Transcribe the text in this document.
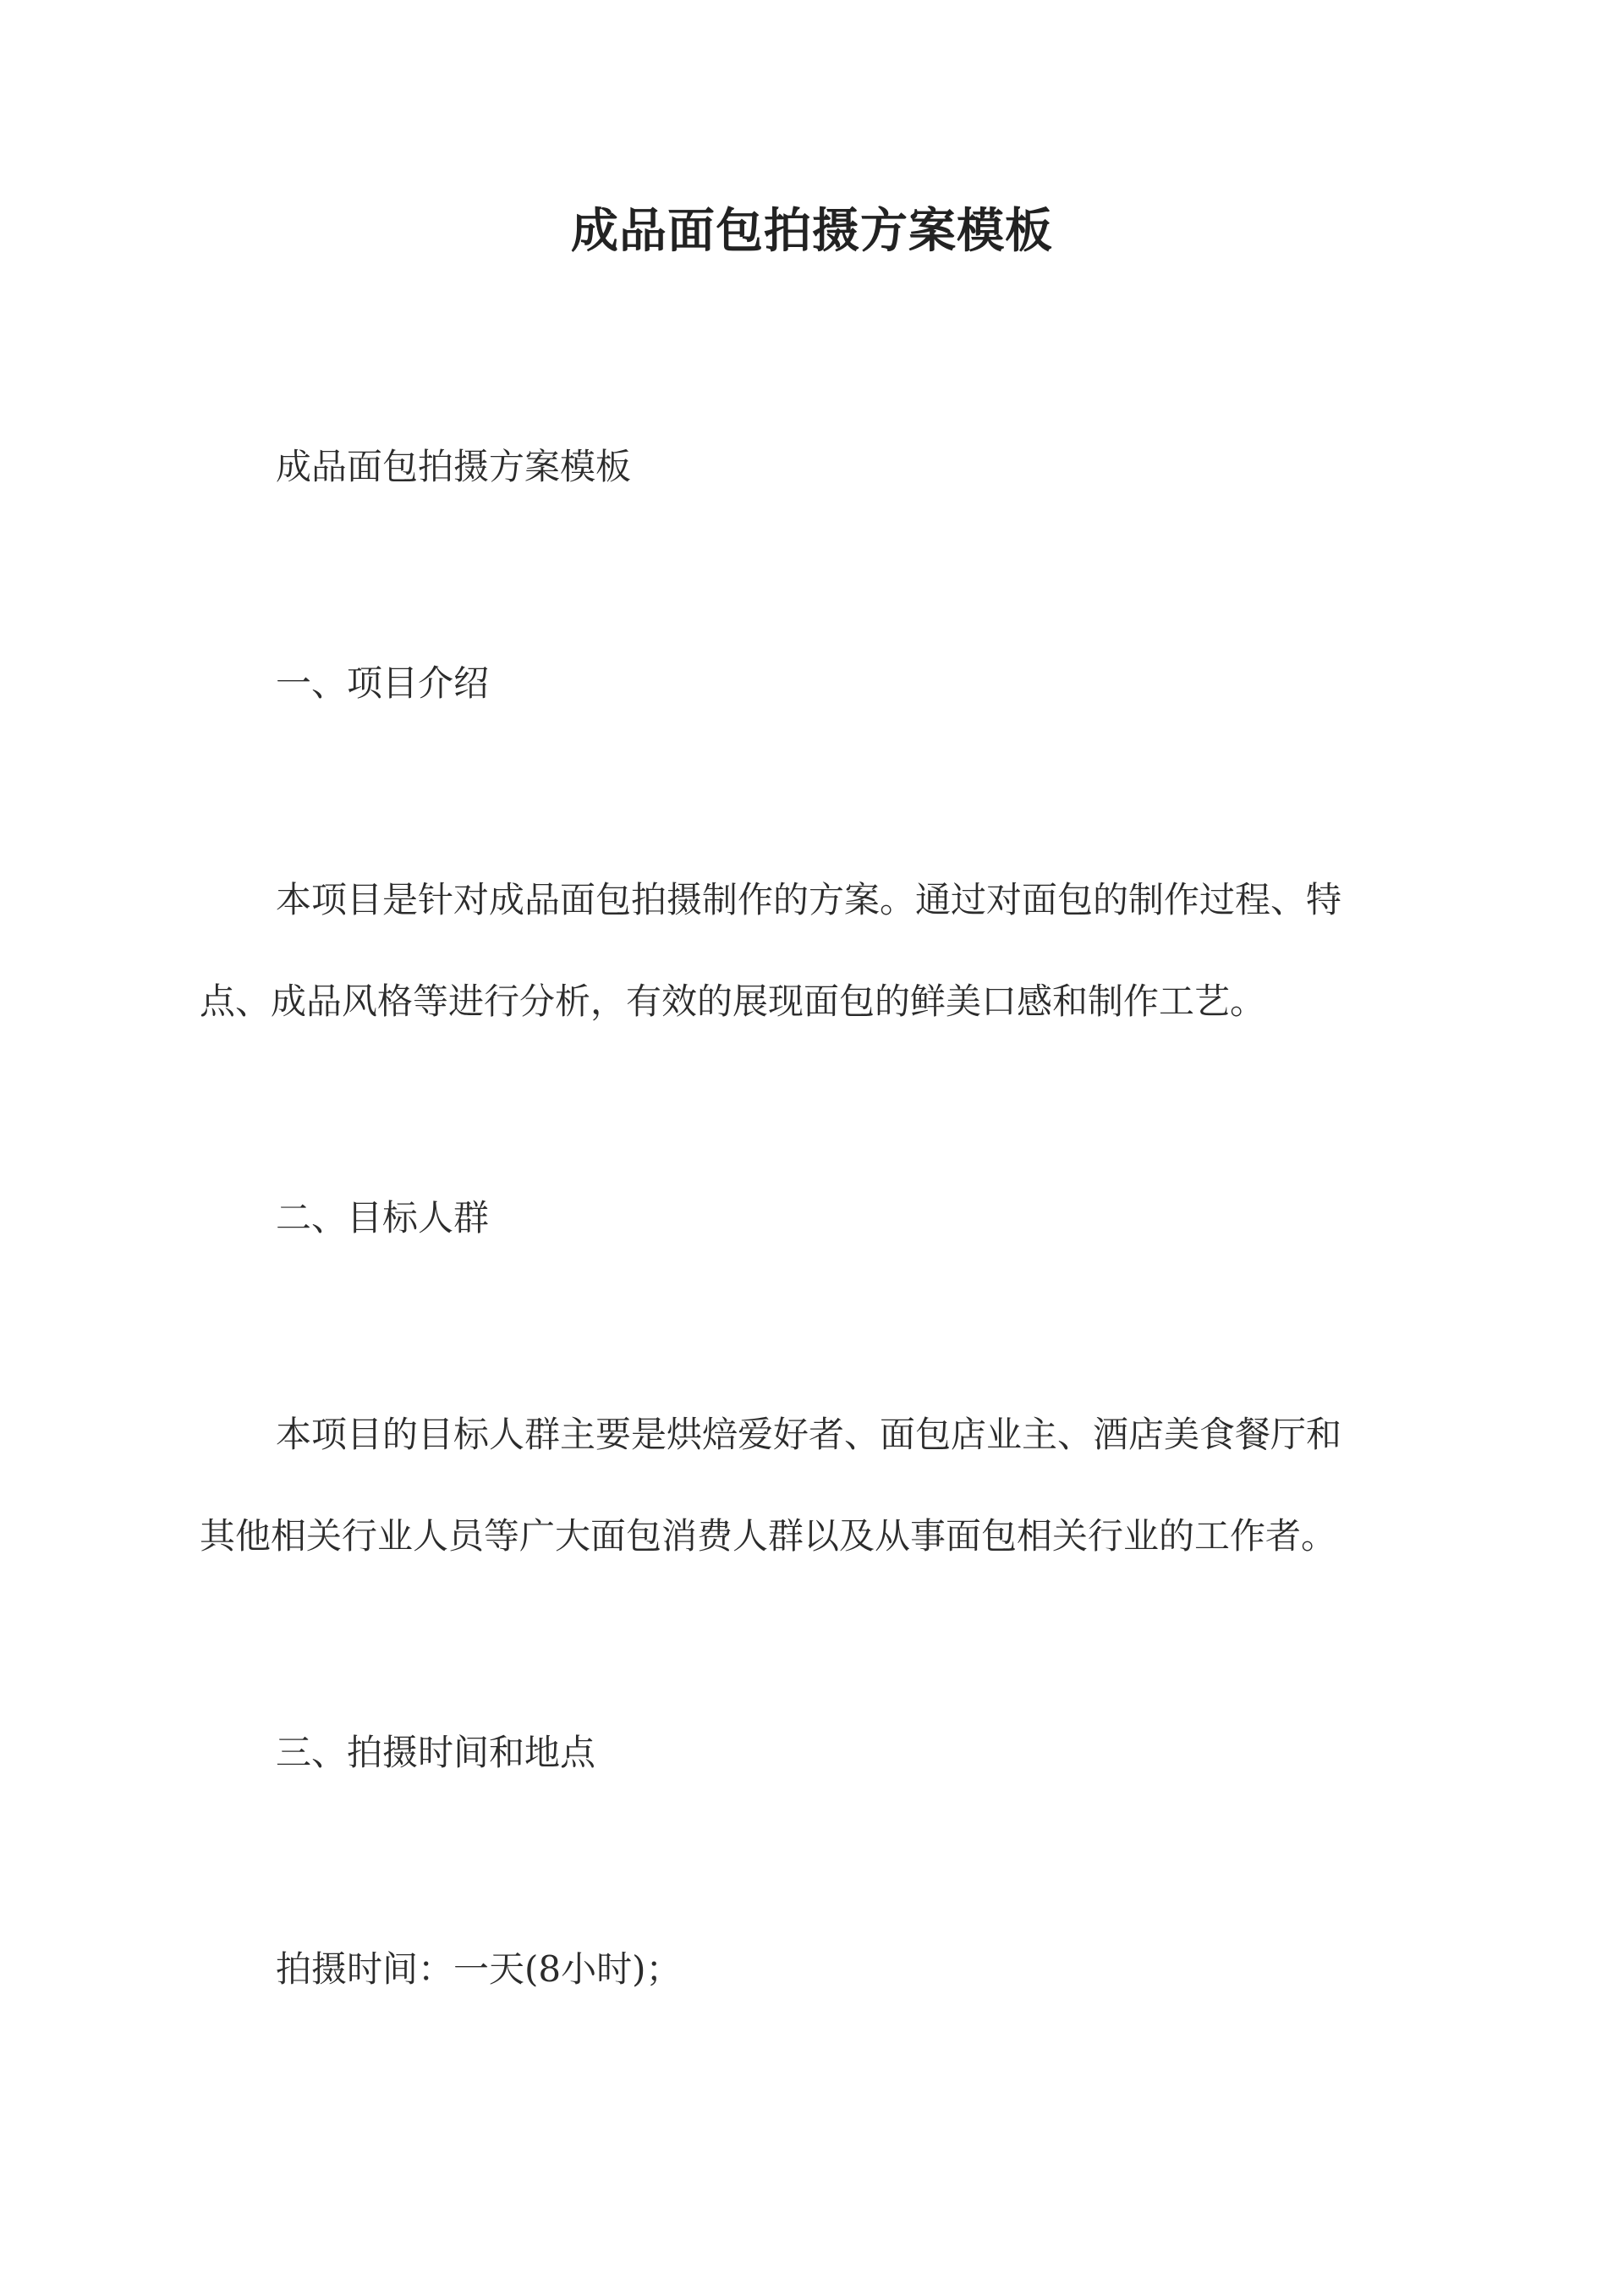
成品面包拍摄方案模板
成品面包拍摄方案模板
一、项目介绍
本项目是针对成品面包拍摄制作的方案。通过对面包的制作过程、特
点、成品风格等进行分析，有效的展现面包的鲜美口感和制作工艺。
二、目标人群
本项目的目标人群主要是烘焙爱好者、面包店业主、酒店美食餐厅和
其他相关行业人员等广大面包消费人群以及从事面包相关行业的工作者。
三、拍摄时间和地点
拍摄时间：一天(8小时)；
